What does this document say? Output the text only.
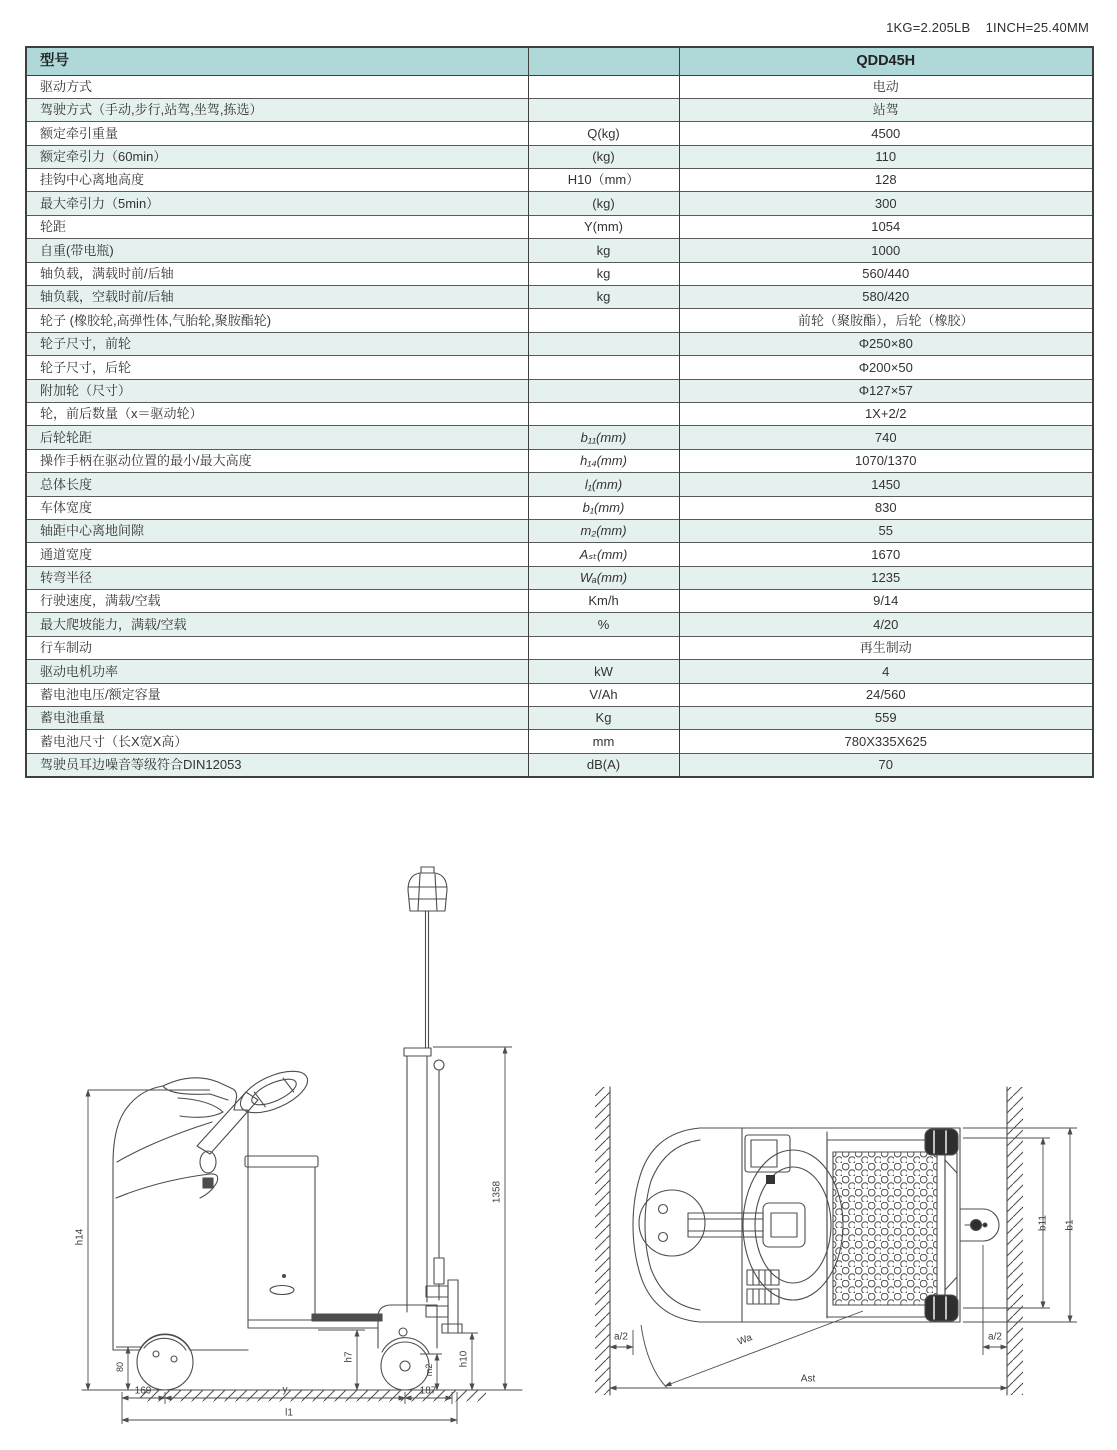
1KG=2.205LB    1INCH=25.40MM
型号		QDD45H
驱动方式		电动
驾驶方式（手动,步行,站驾,坐驾,拣选）		站驾
额定牵引重量	Q(kg)	4500
额定牵引力（60min）	(kg)	110
挂钩中心离地高度	H10（mm）	128
最大牵引力（5min）	(kg)	300
轮距	Y(mm)	1054
自重(带电瓶)	kg	1000
轴负载，满载时前/后轴	kg	560/440
轴负载，空载时前/后轴	kg	580/420
轮子 (橡胶轮,高弹性体,气胎轮,聚胺酯轮)		前轮（聚胺酯），后轮（橡胶）
轮子尺寸，前轮		Φ250×80
轮子尺寸，后轮		Φ200×50
附加轮（尺寸）		Φ127×57
轮，前后数量（x＝驱动轮）		1X+2/2
后轮轮距	b₁₁(mm)	740
操作手柄在驱动位置的最小/最大高度	h₁₄(mm)	1070/1370
总体长度	l₁(mm)	1450
车体宽度	b₁(mm)	830
轴距中心离地间隙	m₂(mm)	55
通道宽度	Aₛₜ(mm)	1670
转弯半径	Wₐ(mm)	1235
行驶速度，满载/空载	Km/h	9/14
最大爬坡能力，满载/空载	%	4/20
行车制动		再生制动
驱动电机功率	kW	4
蓄电池电压/额定容量	V/Ah	24/560
蓄电池重量	Kg	559
蓄电池尺寸（长X宽X高）	mm	780X335X625
驾驶员耳边噪音等级符合DIN12053	dB(A)	70
h14
80
1358
h7
m2
h10
169	y	187
l1
b11 b1
a/2	a/2
Wa
Ast
